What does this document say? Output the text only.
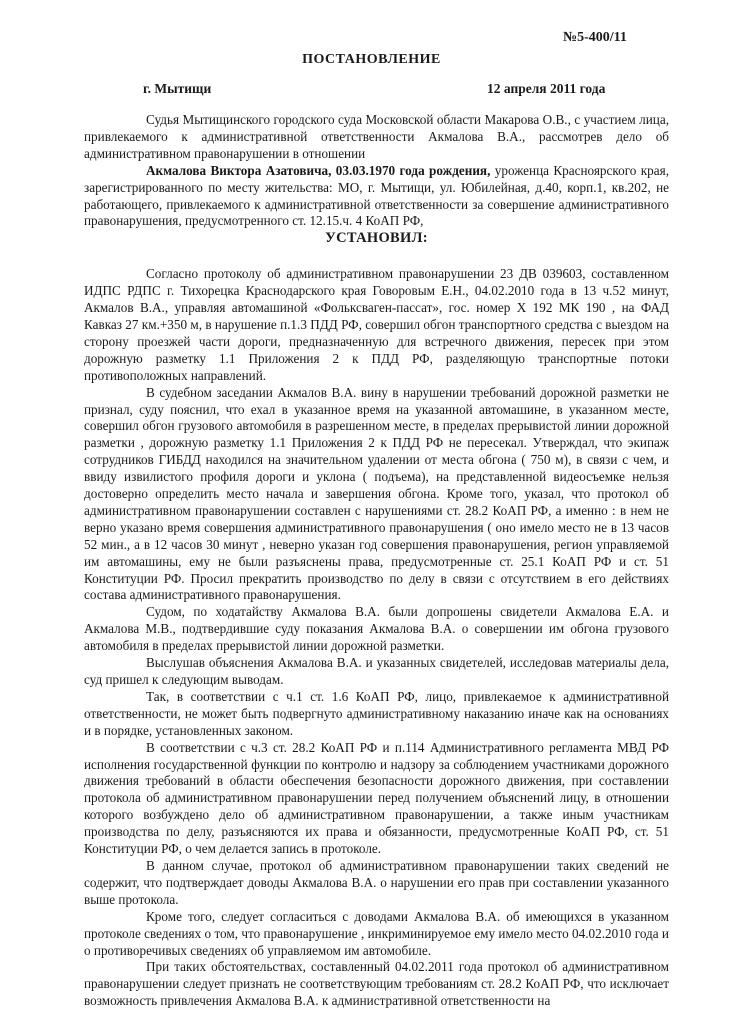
№5-400/11
ПОСТАНОВЛЕНИЕ
г. Мытищи	12 апреля 2011 года

Судья Мытищинского городского суда Московской области Макарова О.В., с участием лица, привлекаемого к административной ответственности Акмалова В.А., рассмотрев дело об административном правонарушении в отношении

Акмалова Виктора Азатовича, 03.03.1970 года рождения, уроженца Красноярского края, зарегистрированного по месту жительства: МО, г. Мытищи, ул. Юбилейная, д.40, корп.1, кв.202, не работающего, привлекаемого к административной ответственности за совершение административного правонарушения, предусмотренного ст. 12.15.ч. 4 КоАП РФ,

УСТАНОВИЛ:

Согласно протоколу об административном правонарушении 23 ДВ 039603, составленном ИДПС РДПС г. Тихорецка Краснодарского края Говоровым Е.Н., 04.02.2010 года в 13 ч.52 минут, Акмалов В.А., управляя автомашиной «Фольксваген-пассат», гос. номер Х 192 МК 190 , на ФАД Кавказ 27 км.+350 м, в нарушение п.1.3 ПДД РФ, совершил обгон транспортного средства с выездом на сторону проезжей части дороги, предназначенную для встречного движения, пересек при этом дорожную разметку 1.1 Приложения 2 к ПДД РФ, разделяющую транспортные потоки противоположных направлений.

В судебном заседании Акмалов В.А. вину в нарушении требований дорожной разметки не признал, суду пояснил, что ехал в указанное время на указанной автомашине, в указанном месте, совершил обгон грузового автомобиля в разрешенном месте, в пределах прерывистой линии дорожной разметки , дорожную разметку 1.1 Приложения 2 к ПДД РФ не пересекал. Утверждал, что экипаж сотрудников ГИБДД находился на значительном удалении от места обгона ( 750 м), в связи с чем, и ввиду извилистого профиля дороги и уклона ( подъема), на представленной видеосъемке нельзя достоверно определить место начала и завершения обгона. Кроме того, указал, что протокол об административном правонарушении составлен с нарушениями ст. 28.2 КоАП РФ, а именно : в нем не верно указано время совершения административного правонарушения ( оно имело место не в 13 часов 52 мин., а в 12 часов 30 минут , неверно указан год совершения правонарушения, регион управляемой им автомашины, ему не были разъяснены права, предусмотренные ст. 25.1 КоАП РФ и ст. 51 Конституции РФ. Просил прекратить производство по делу в связи с отсутствием в его действиях состава административного правонарушения.

Судом, по ходатайству Акмалова В.А. были допрошены свидетели Акмалова Е.А. и Акмалова М.В., подтвердившие суду показания Акмалова В.А. о совершении им обгона грузового автомобиля в пределах прерывистой линии дорожной разметки.

Выслушав объяснения Акмалова В.А. и указанных свидетелей, исследовав материалы дела, суд пришел к следующим выводам.

Так, в соответствии с ч.1 ст. 1.6 КоАП РФ, лицо, привлекаемое к административной ответственности, не может быть подвергнуто административному наказанию иначе как на основаниях и в порядке, установленных законом.

В соответствии с ч.3 ст. 28.2 КоАП РФ и п.114 Административного регламента МВД РФ исполнения государственной функции по контролю и надзору за соблюдением участниками дорожного движения требований в области обеспечения безопасности дорожного движения, при составлении протокола об административном правонарушении перед получением объяснений лицу, в отношении которого возбуждено дело об административном правонарушении, а также иным участникам производства по делу, разъясняются их права и обязанности, предусмотренные КоАП РФ, ст. 51 Конституции РФ, о чем делается запись в протоколе.

В данном случае, протокол об административном правонарушении таких сведений не содержит, что подтверждает доводы Акмалова В.А. о нарушении его прав при составлении указанного выше протокола.

Кроме того, следует согласиться с доводами Акмалова В.А. об имеющихся в указанном протоколе сведениях о том, что правонарушение , инкриминируемое ему имело место 04.02.2010 года и о противоречивых сведениях об управляемом им автомобиле.

При таких обстоятельствах, составленный 04.02.2011 года протокол об административном правонарушении следует признать не соответствующим требованиям ст. 28.2 КоАП РФ, что исключает возможность привлечения Акмалова В.А. к административной ответственности на
